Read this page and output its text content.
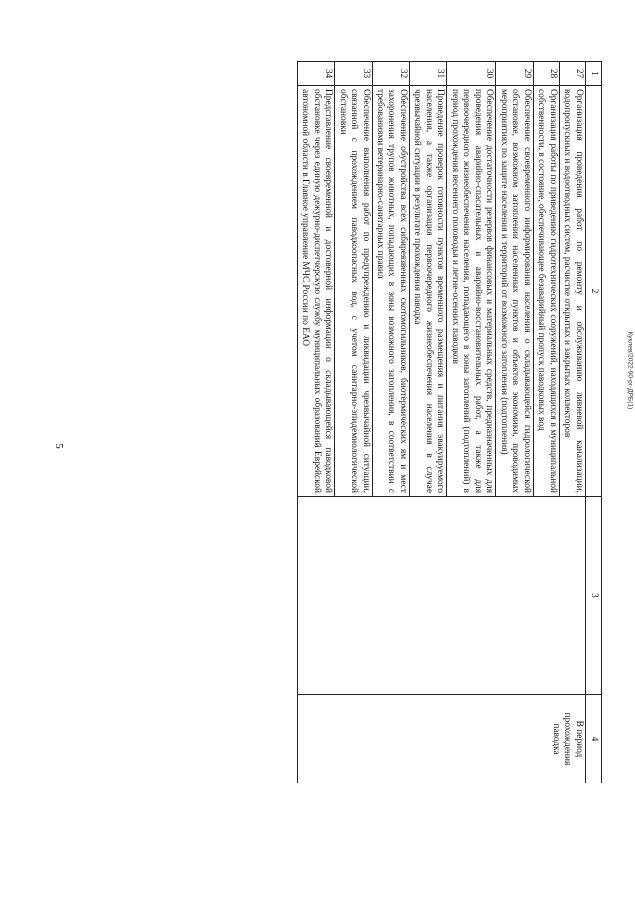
5
1	2	3	4
27	Организация проведения работ по ремонту и обслуживанию ливневой канализации, водопропускных и водоотводных систем, расчистке открытых и закрытых коллекторов		В период прохождения паводка
28	Организация работы по приведению гидротехнических сооружений, находящихся в муниципальной собственности, в состояние, обеспечивающее безаварийный пропуск паводковых вод		
29	Обеспечение своевременного информирования населения о складывающейся гидрологической обстановке, возможном затоплении населенных пунктов и объектов экономики, проводимых мероприятиях по защите населения и территорий от возможного затопления (подтопления)		
30	Обеспечение достаточности резервов финансовых и материальных средств, предназначенных для проведения аварийно-спасательных и аварийно-восстановительных работ, а также для первоочередного жизнеобеспечения населения, попадающего в зоны затоплений (подтоплений) в период прохождения весеннего половодья и летне-осенних паводков		
31	Проведение проверок готовности пунктов временного размещения и питания эвакуируемого населения, а также организация первоочередного жизнеобеспечения населения в случае чрезвычайной ситуации в результате прохождения паводка		
32	Обеспечение обустройства всех сибиреязвенных скотомогильников, биотермических ям и мест захоронения трупов животных, попадающих в зоны возможного затопления, в соответствии с требованиями ветеринарно-санитарных правил		
33	Обеспечение выполнения работ по предупреждению и ликвидации чрезвычайной ситуации, связанной с прохождением паводкоопасных вод, с учетом санитарно-эпидемиологической обстановки		
34	Представление своевременной и достоверной информации о складывающейся паводковой обстановке через единую дежурно-диспетчерскую службу муниципальных образований Еврейской автономной области в Главное управление МЧС России по ЕАО		
Куклев/2022-90-рг-ДРБ(1)
